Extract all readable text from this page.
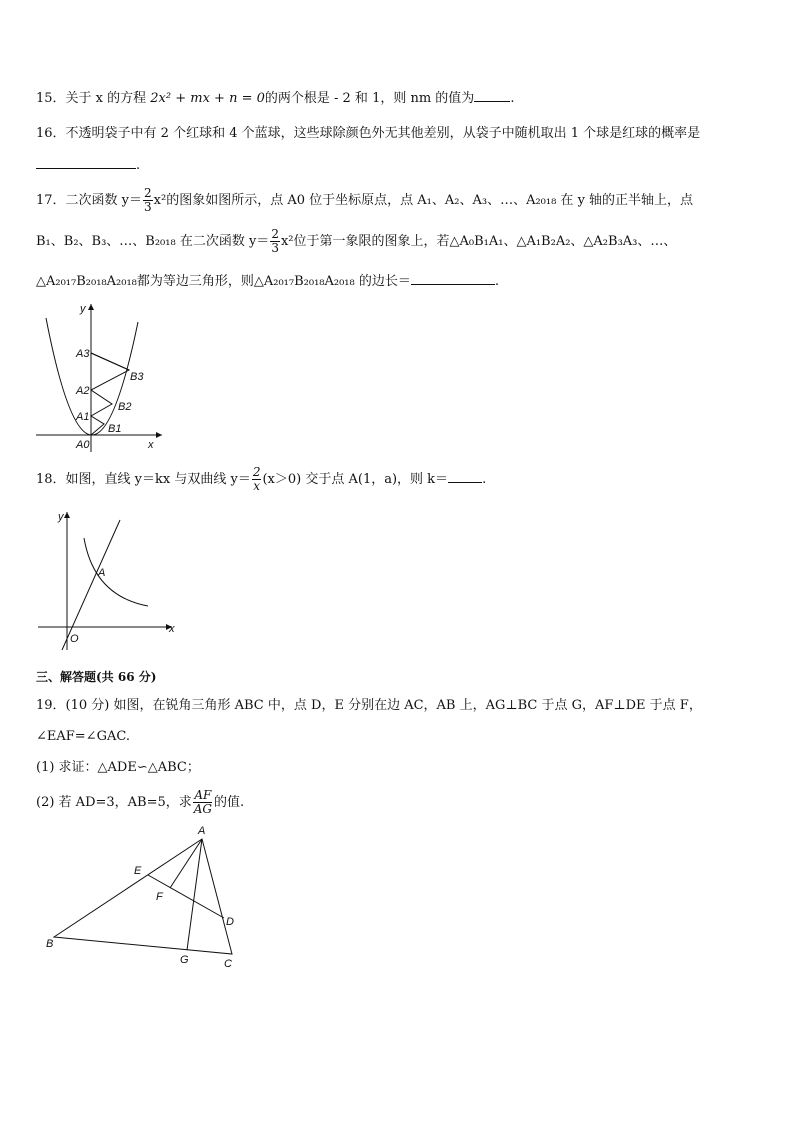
15．关于 x 的方程 2x² + mx + n = 0的两个根是 - 2 和 1，则 nm 的值为	.
16．不透明袋子中有 2 个红球和 4 个蓝球，这些球除颜色外无其他差别，从袋子中随机取出 1 个球是红球的概率是
.
17．二次函数 $y= \frac{2}{3} x^2$的图象如图所示，点 A0 位于坐标原点，点 A₁、A₂、A₃、…、A₂₀₁₈ 在 y 轴的正半轴上，点
B₁、B₂、B₃、…、B₂₀₁₈ 在二次函数 $y= \frac{2}{3} x^2$位于第一象限的图象上，若△A₀B₁A₁、△A₁B₂A₂、△A₂B₃A₃、…、
△A₂₀₁₇B₂₀₁₈A₂₀₁₈都为等边三角形，则△A₂₀₁₇B₂₀₁₈A₂₀₁₈ 的边长＝	.
y
x
A3
A2
A1
A0
B3
B2
B1
18．如图，直线 y＝kx 与双曲线 $y= \frac{2}{x} (x>0)$ 交于点 A(1，a)，则 k＝	.
y
x
O
A
三、解答题(共 66 分)
19．(10 分) 如图，在锐角三角形 ABC 中，点 D，E 分别在边 AC，AB 上，AG⊥BC 于点 G，AF⊥DE 于点 F，
∠EAF=∠GAC.
(1) 求证：△ADE∽△ABC；
(2) 若 AD=3，AB=5，求 $\frac{AF}{AG}$ 的值.
A
B
C
D
E
F
G
